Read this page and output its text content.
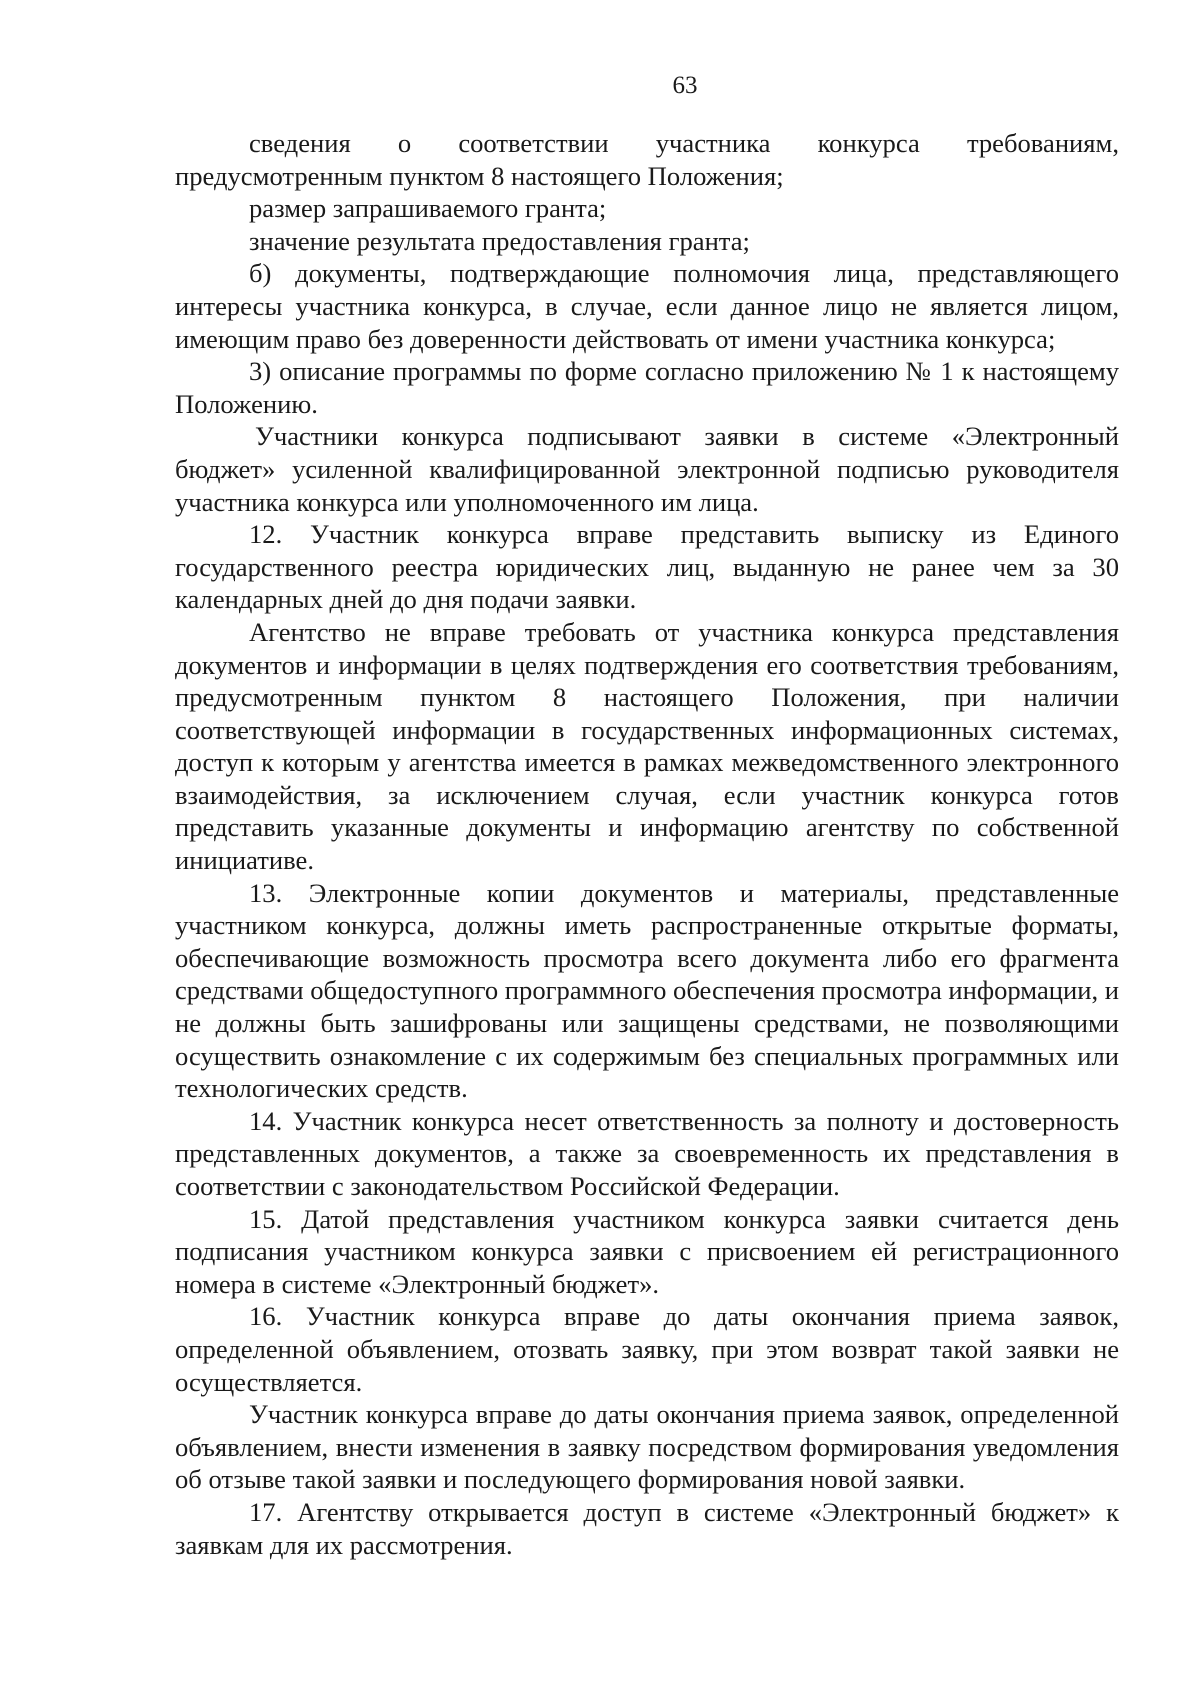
63

сведения о соответствии участника конкурса требованиям, предусмотренным пунктом 8 настоящего Положения;

размер запрашиваемого гранта;

значение результата предоставления гранта;

б) документы, подтверждающие полномочия лица, представляющего интересы участника конкурса, в случае, если данное лицо не является лицом, имеющим право без доверенности действовать от имени участника конкурса;

3) описание программы по форме согласно приложению № 1 к настоящему Положению.

Участники конкурса подписывают заявки в системе «Электронный бюджет» усиленной квалифицированной электронной подписью руководителя участника конкурса или уполномоченного им лица.

12. Участник конкурса вправе представить выписку из Единого государственного реестра юридических лиц, выданную не ранее чем за 30 календарных дней до дня подачи заявки.

Агентство не вправе требовать от участника конкурса представления документов и информации в целях подтверждения его соответствия требованиям, предусмотренным пунктом 8 настоящего Положения, при наличии соответствующей информации в государственных информационных системах, доступ к которым у агентства имеется в рамках межведомственного электронного взаимодействия, за исключением случая, если участник конкурса готов представить указанные документы и информацию агентству по собственной инициативе.

13. Электронные копии документов и материалы, представленные участником конкурса, должны иметь распространенные открытые форматы, обеспечивающие возможность просмотра всего документа либо его фрагмента средствами общедоступного программного обеспечения просмотра информации, и не должны быть зашифрованы или защищены средствами, не позволяющими осуществить ознакомление с их содержимым без специальных программных или технологических средств.

14. Участник конкурса несет ответственность за полноту и достоверность представленных документов, а также за своевременность их представления в соответствии с законодательством Российской Федерации.

15. Датой представления участником конкурса заявки считается день подписания участником конкурса заявки с присвоением ей регистрационного номера в системе «Электронный бюджет».

16. Участник конкурса вправе до даты окончания приема заявок, определенной объявлением, отозвать заявку, при этом возврат такой заявки не осуществляется.

Участник конкурса вправе до даты окончания приема заявок, определенной объявлением, внести изменения в заявку посредством формирования уведомления об отзыве такой заявки и последующего формирования новой заявки.

17. Агентству открывается доступ в системе «Электронный бюджет» к заявкам для их рассмотрения.
